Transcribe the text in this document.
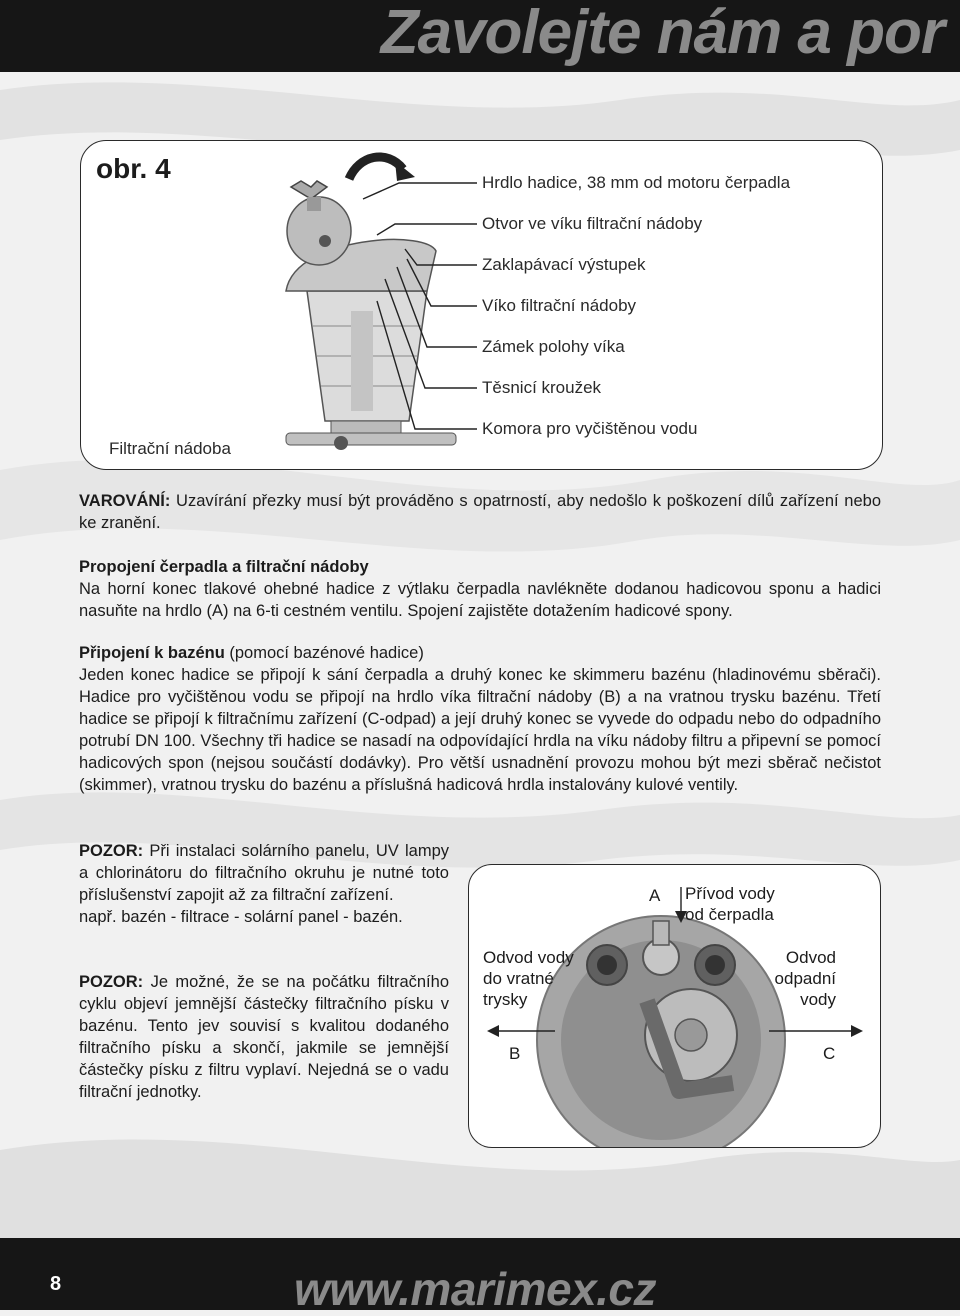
Zavolejte nám a por
obr. 4	Hrdlo hadice, 38 mm od motoru čerpadla
Otvor ve víku filtrační nádoby
Zaklapávací výstupek
Víko filtrační nádoby
Zámek polohy víka
Těsnicí kroužek
Komora pro vyčištěnou vodu
Filtrační nádoba

VAROVÁNÍ: Uzavírání přezky musí být prováděno s opatrností, aby nedošlo k poškození dílů zařízení nebo ke zranění.

Propojení čerpadla a filtrační nádoby

Na horní konec tlakové ohebné hadice z výtlaku čerpadla navlékněte dodanou hadicovou sponu a hadici nasuňte na hrdlo (A) na 6-ti cestném ventilu. Spojení zajistěte dotažením hadicové spony.

Připojení k bazénu (pomocí bazénové hadice)

Jeden konec hadice se připojí k sání čerpadla a druhý konec ke skimmeru bazénu (hladinovému sběrači). Hadice pro vyčištěnou vodu se připojí na hrdlo víka filtrační nádoby (B) a na vratnou trysku bazénu. Třetí hadice se připojí k filtračnímu zařízení (C-odpad) a její druhý konec se vyvede do odpadu nebo do odpadního potrubí DN 100. Všechny tři hadice se nasadí na odpovídající hrdla na víku nádoby filtru a připevní se pomocí hadicových spon (nejsou součástí dodávky). Pro větší usnadnění provozu mohou být mezi sběrač nečistot (skimmer), vratnou trysku do bazénu a příslušná hadicová hrdla instalovány kulové ventily.

POZOR: Při instalaci solárního panelu, UV lampy a chlorinátoru do filtračního okruhu je nutné toto příslušenství zapojit až za filtrační zařízení.

např. bazén - filtrace - solární panel - bazén.

POZOR: Je možné, že se na počátku filtračního cyklu objeví jemnější částečky filtračního písku v bazénu. Tento jev souvisí s kvalitou dodaného filtračního písku a skončí, jakmile se jemnější částečky písku z filtru vyplaví. Nejedná se o vadu filtrační jednotky.

A Přívod vody
od čerpadla
Odvod vody
do vratné
trysky
B
Odvod
odpadní
vody
C
8	www.marimex.cz
